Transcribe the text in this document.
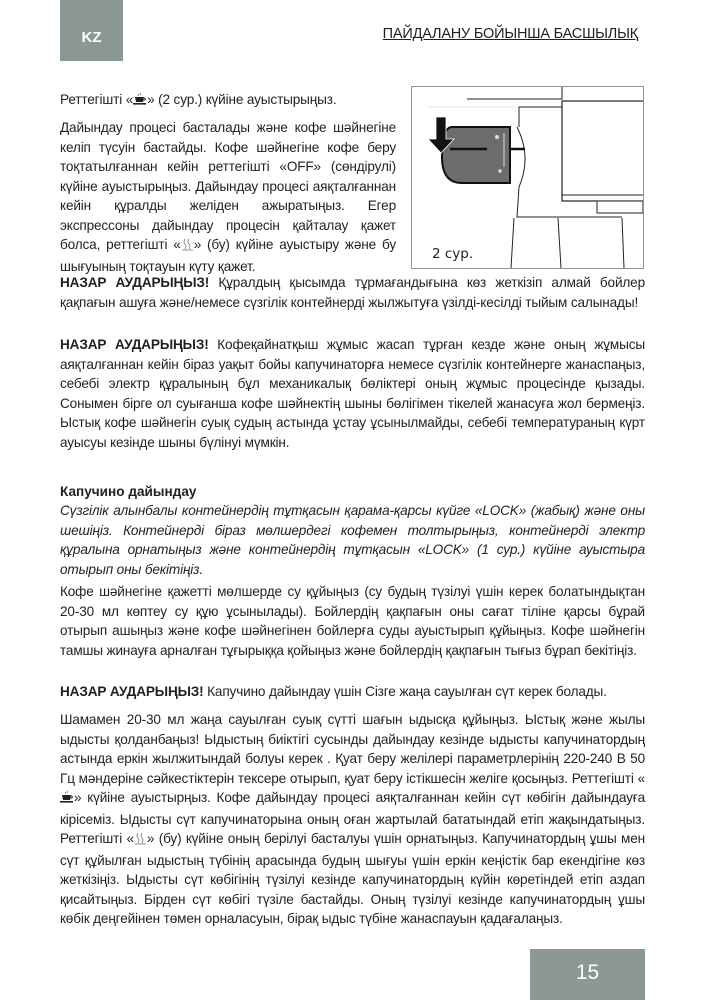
KZ	ПАЙДАЛАНУ БОЙЫНША БАСШЫЛЫҚ
2 сур.

Реттегішті « » (2 сур.) күйіне ауыстырыңыз.

Дайындау процесі басталады және кофе шәйнегіне келіп түсуін бастайды. Кофе шәйнегіне кофе беру тоқтатылғаннан кейін реттегішті «OFF» (сөндірулі) күйіне ауыстырыңыз. Дайындау процесі аяқталғаннан кейін құралды желіден ажыратыңыз. Егер экспрессоны дайындау процесін қайталау қажет болса, реттегішті « » (бу) күйіне ауыстыру және бу шығуының тоқтауын күту қажет.

НАЗАР АУДАРЫҢЫЗ! Құралдың қысымда тұрмағандығына көз жеткізіп алмай бойлер қақпағын ашуға және/немесе сүзгілік контейнерді жылжытуға үзілді-кесілді тыйым салынады!

НАЗАР АУДАРЫҢЫЗ! Кофеқайнатқыш жұмыс жасап тұрған кезде және оның жұмысы аяқталғаннан кейін біраз уақыт бойы капучинаторға немесе сүзгілік контейнерге жанаспаңыз, себебі электр құралының бұл механикалық бөліктері оның жұмыс процесінде қызады. Сонымен бірге ол суығанша кофе шәйнектің шыны бөлігімен тікелей жанасуға жол бермеңіз. Ыстық кофе шәйнегін суық судың астында ұстау ұсынылмайды, себебі температураның күрт ауысуы кезінде шыны бүлінуі мүмкін.

Капучино дайындау

Сүзгілік алынбалы контейнердің тұтқасын қарама-қарсы күйге «LOCK» (жабық) және оны шешіңіз. Контейнерді біраз мөлшердегі кофемен толтырыңыз, контейнерді электр құралына орнатыңыз және контейнердің тұтқасын «LOCK» (1 сур.) күйіне ауыстыра отырып оны бекітіңіз.

Кофе шәйнегіне қажетті мөлшерде су құйыңыз (су будың түзілуі үшін керек болатындықтан 20-30 мл көптеу су құю ұсынылады). Бойлердің қақпағын оны сағат тіліне қарсы бұрай отырып ашыңыз және кофе шәйнегінен бойлерға суды ауыстырып құйыңыз. Кофе шәйнегін тамшы жинауға арналған тұғырыққа қойыңыз және бойлердің қақпағын тығыз бұрап бекітіңіз.

НАЗАР АУДАРЫҢЫЗ! Капучино дайындау үшін Сізге жаңа сауылған сүт керек болады.

Шамамен 20-30 мл жаңа сауылған суық сүтті шағын ыдысқа құйыңыз. Ыстық және жылы ыдысты қолданбаңыз! Ыдыстың биіктігі сусынды дайындау кезінде ыдысты капучинатордың астында еркін жылжитындай болуы керек . Қуат беру желілері параметрлерінің 220-240 В 50 Гц мәндеріне сәйкестіктерін тексере отырып, қуат беру істікшесін желіге қосыңыз. Реттегішті «» күйіне ауыстырңыз. Кофе дайындау процесі аяқталғаннан кейін сүт көбігін дайындауға кірісеміз. Ыдысты сүт капучинаторына оның оған жартылай бататындай етіп жақындатыңыз. Реттегішті « » (бу) күйіне оның берілуі басталуы үшін орнатыңыз. Капучинатордың ұшы мен сүт құйылған ыдыстың түбінің арасында будың шығуы үшін еркін кеңістік бар екендігіне көз жеткізіңіз. Ыдысты сүт көбігінің түзілуі кезінде капучинатордың күйін көретіндей етіп аздап қисайтыңыз. Бірден сүт көбігі түзіле бастайды. Оның түзілуі кезінде капучинатордың ұшы көбік деңгейінен төмен орналасуын, бірақ ыдыс түбіне жанаспауын қадағалаңыз.

15
